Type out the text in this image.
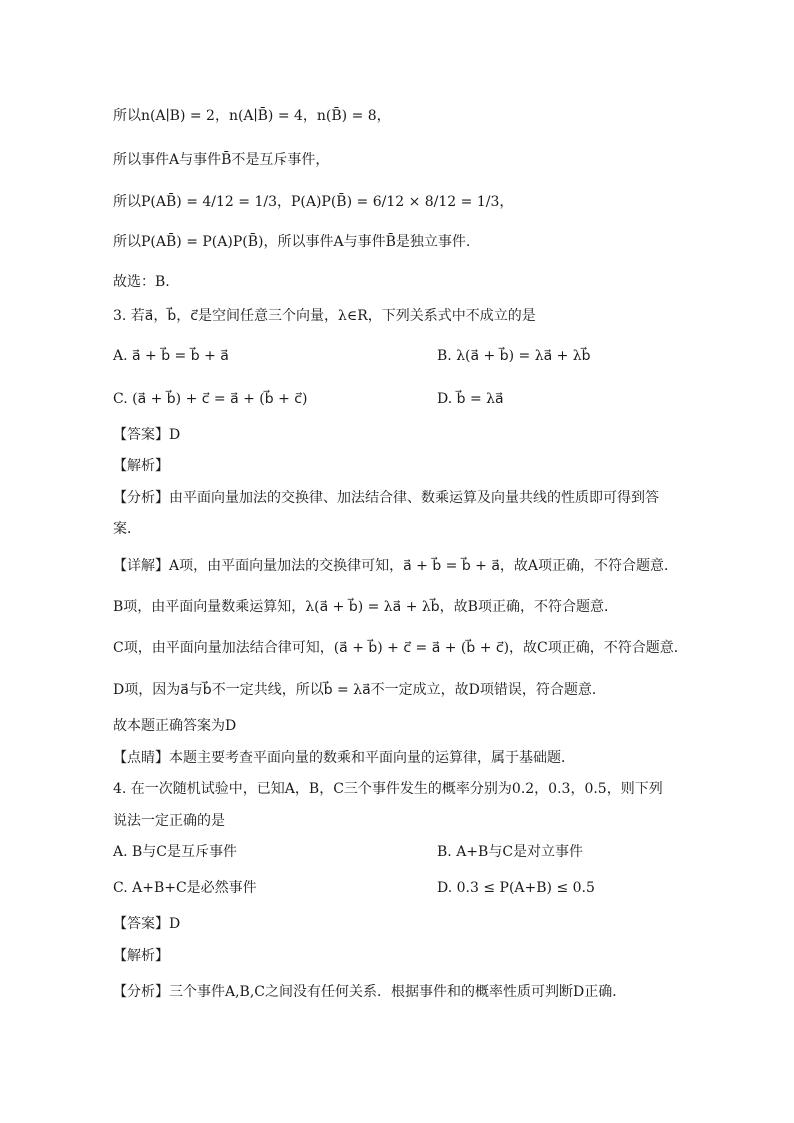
所以n(A∣B) = 2，n(A∣B̄) = 4，n(B̄) = 8，
所以事件A与事件B̄不是互斥事件，
所以P(AB̄) = 4/12 = 1/3，P(A)P(B̄) = 6/12 × 8/12 = 1/3，
所以P(AB̄) = P(A)P(B̄)，所以事件A与事件B̄是独立事件.
故选：B.
3. 若a⃗，b⃗，c⃗是空间任意三个向量，λ∈R，下列关系式中不成立的是
A. a⃗ + b⃗ = b⃗ + a⃗	B. λ(a⃗ + b⃗) = λa⃗ + λb⃗
C. (a⃗ + b⃗) + c⃗ = a⃗ + (b⃗ + c⃗)	D. b⃗ = λa⃗
【答案】D
【解析】
【分析】由平面向量加法的交换律、加法结合律、数乘运算及向量共线的性质即可得到答
案．
【详解】A项，由平面向量加法的交换律可知，a⃗ + b⃗ = b⃗ + a⃗，故A项正确，不符合题意．
B项，由平面向量数乘运算知，λ(a⃗ + b⃗) = λa⃗ + λb⃗，故B项正确，不符合题意．
C项，由平面向量加法结合律可知，(a⃗ + b⃗) + c⃗ = a⃗ + (b⃗ + c⃗)，故C项正确，不符合题意．
D项，因为a⃗与b⃗不一定共线，所以b⃗ = λa⃗不一定成立，故D项错误，符合题意．
故本题正确答案为D
【点睛】本题主要考查平面向量的数乘和平面向量的运算律，属于基础题．
4. 在一次随机试验中，已知A，B，C三个事件发生的概率分别为0.2，0.3，0.5，则下列
说法一定正确的是
A. B与C是互斥事件	B. A+B与C是对立事件
C. A+B+C是必然事件	D. 0.3 ≤ P(A+B) ≤ 0.5
【答案】D
【解析】
【分析】三个事件A,B,C之间没有任何关系．根据事件和的概率性质可判断D正确．
